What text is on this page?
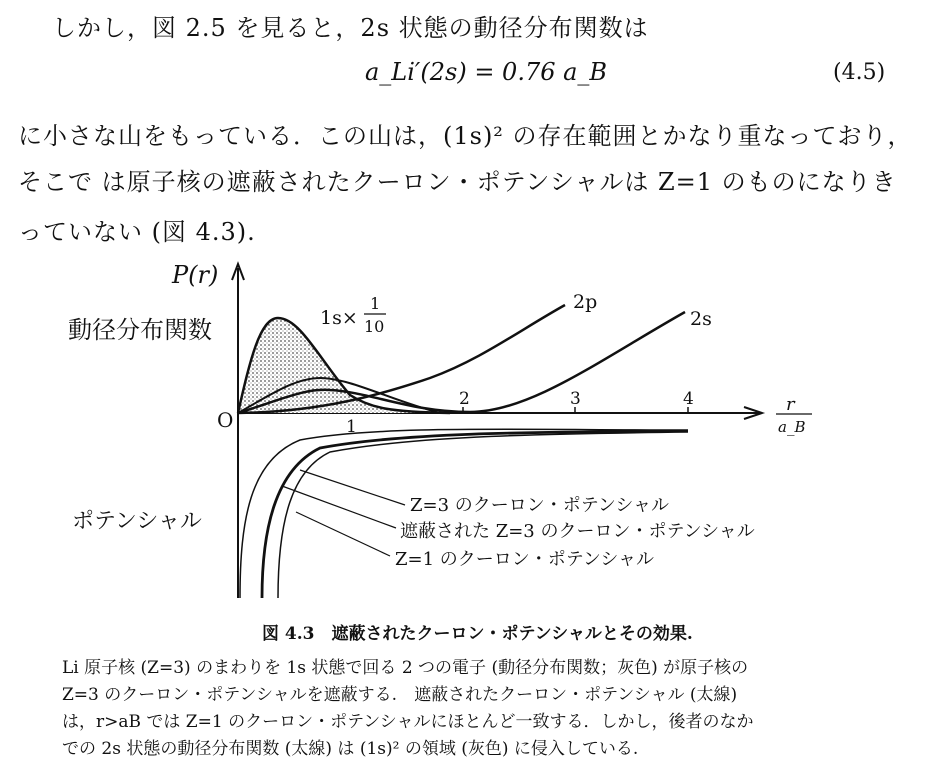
しかし，図 2.5 を見ると，2s 状態の動径分布関数は
a_Li′(2s) = 0.76 a_B	(4.5)
に小さな山をもっている．この山は，(1s)² の存在範囲とかなり重なっており，
そこで は原子核の遮蔽されたクーロン・ポテンシャルは Z=1 のものになりき
っていない (図 4.3).
P(r)
動径分布関数
ポテンシャル
O	1
2	3	4	r
a_B
1s×
1
10
2p
2s
Z=3 のクーロン・ポテンシャル
遮蔽された Z=3 のクーロン・ポテンシャル
Z=1 のクーロン・ポテンシャル
図 4.3　遮蔽されたクーロン・ポテンシャルとその効果.
Li 原子核 (Z=3) のまわりを 1s 状態で回る 2 つの電子 (動径分布関数；灰色) が原子核の
Z=3 のクーロン・ポテンシャルを遮蔽する.　遮蔽されたクーロン・ポテンシャル (太線)
は，r>aB では Z=1 のクーロン・ポテンシャルにほとんど一致する．しかし，後者のなか
での 2s 状態の動径分布関数 (太線) は (1s)² の領域 (灰色) に侵入している.
